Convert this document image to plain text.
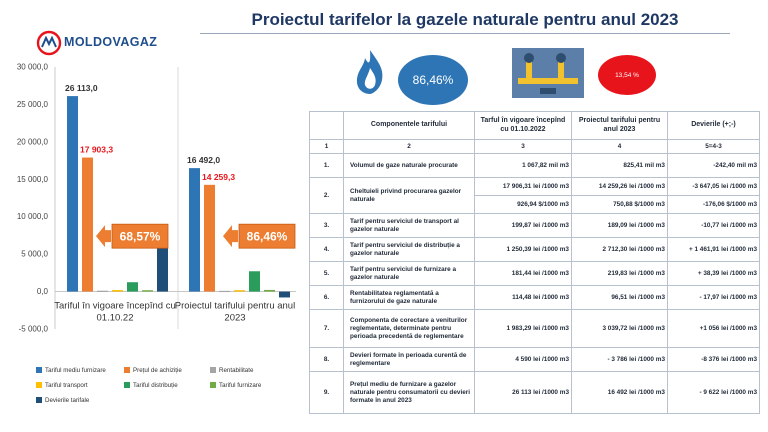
MOLDOVAGAZ
Proiectul tarifelor la gazele naturale pentru anul 2023
30 000,0
25 000,0
20 000,0
15 000,0
10 000,0
5 000,0
0,0
-5 000,0
26 113,0
17 903,3
16 492,0
14 259,3
68,57%	86,46%
Tariful în vigoare începînd cu 01.10.22
Proiectul tarifului pentru anul 2023
Tariful mediu furnizare	Prețul de achiziție	Rentabilitate
Tariful transport	Tariful distribuție	Tariful furnizare
Devierile tarifale
86,46%	13,54 %
	Componentele tarifului	Tarful în vigoare începînd cu 01.10.2022	Proiectul tarifului pentru anul 2023	Devierile (+;-)
1	2	3	4	5=4-3
1.	Volumul de gaze naturale procurate	1 067,82 mil m3	825,41 mil m3	-242,40 mil m3
2.	Cheltuieli privind procurarea gazelor naturale	17 906,31 lei /1000 m3	14 259,26 lei /1000 m3	-3 647,05 lei /1000 m3
		926,94 $/1000 m3	750,88 $/1000 m3	-176,06 $/1000 m3
3.	Tarif pentru serviciul de transport al gazelor naturale	199,87 lei /1000 m3	189,09 lei /1000 m3	-10,77 lei /1000 m3
4.	Tarif pentru serviciul de distribuție a gazelor naturale	1 250,39 lei /1000 m3	2 712,30 lei /1000 m3	+ 1 461,91 lei /1000 m3
5.	Tarif pentru serviciul de furnizare a gazelor naturale	181,44 lei /1000 m3	219,83 lei /1000 m3	+ 38,39 lei /1000 m3
6.	Rentabilitatea reglamentată a furnizorului de gaze naturale	114,48 lei /1000 m3	96,51 lei /1000 m3	- 17,97 lei /1000 m3
7.	Componenta de corectare a veniturilor reglementate, determinate pentru perioada precedentă de reglementare	1 983,29 lei /1000 m3	3 039,72 lei /1000 m3	+1 056 lei /1000 m3
8.	Devieri formate în perioada curentă de reglementare	4 590 lei /1000 m3	- 3 786 lei /1000 m3	-8 376 lei /1000 m3
9.	Prețul mediu de furnizare a gazelor naturale pentru consumatorii cu devieri formate în anul 2023	26 113 lei /1000 m3	16 492 lei /1000 m3	- 9 622 lei /1000 m3
